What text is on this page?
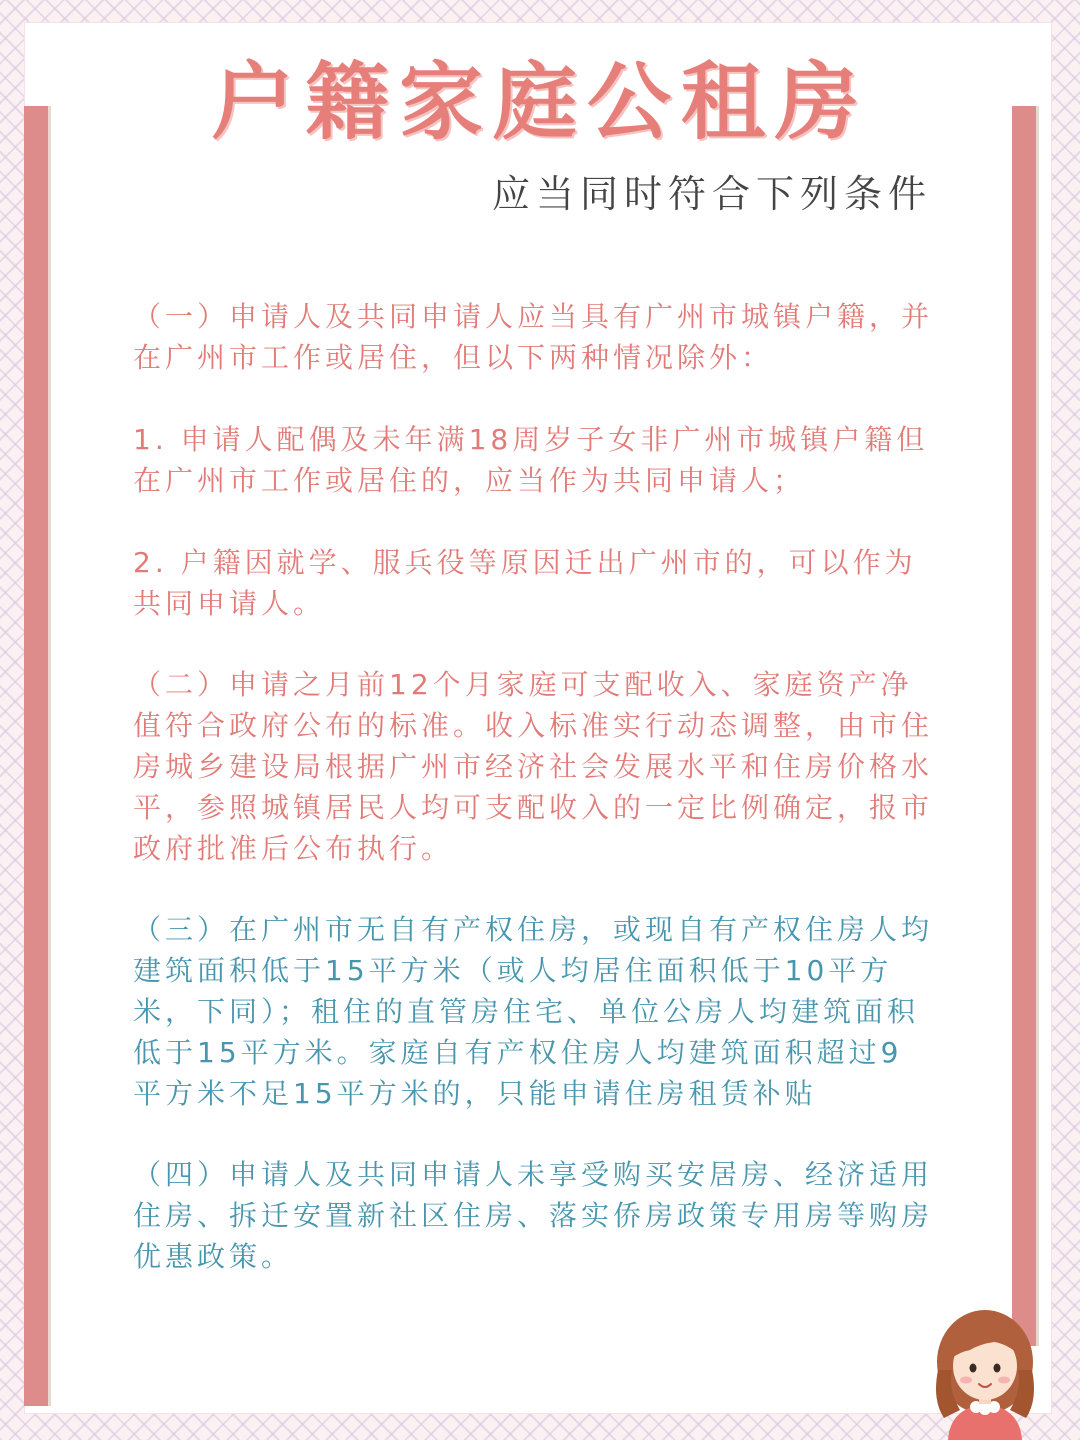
户籍家庭公租房
应当同时符合下列条件

（一）申请人及共同申请人应当具有广州市城镇户籍，并在广州市工作或居住，但以下两种情况除外：

1. 申请人配偶及未年满18周岁子女非广州市城镇户籍但在广州市工作或居住的，应当作为共同申请人；

2. 户籍因就学、服兵役等原因迁出广州市的，可以作为共同申请人。

（二）申请之月前12个月家庭可支配收入、家庭资产净值符合政府公布的标准。收入标准实行动态调整，由市住房城乡建设局根据广州市经济社会发展水平和住房价格水平，参照城镇居民人均可支配收入的一定比例确定，报市政府批准后公布执行。

（三）在广州市无自有产权住房，或现自有产权住房人均建筑面积低于15平方米（或人均居住面积低于10平方米，下同）；租住的直管房住宅、单位公房人均建筑面积低于15平方米。家庭自有产权住房人均建筑面积超过9平方米不足15平方米的，只能申请住房租赁补贴

（四）申请人及共同申请人未享受购买安居房、经济适用住房、拆迁安置新社区住房、落实侨房政策专用房等购房优惠政策。
